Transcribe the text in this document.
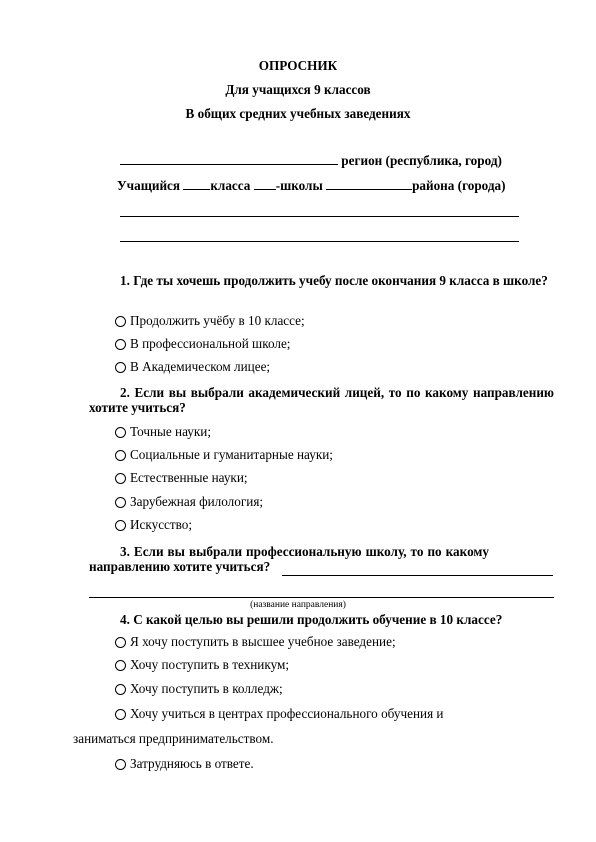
ОПРОСНИК
Для учащихся 9 классов
В общих средних учебных заведениях
регион (республика, город)
Учащийся класса -школы	района (города)
1. Где ты хочешь продолжить учебу после окончания 9 класса в школе?
Продолжить учёбу в 10 классе;
В профессиональной школе;
В Академическом лицее;
2. Если вы выбрали академический лицей, то по какому направлению хотите учиться?
Точные науки;
Социальные и гуманитарные науки;
Естественные науки;
Зарубежная филология;
Искусство;
3. Если вы выбрали профессиональную школу, то по какому направлению хотите учиться?
(название направления)
4. С какой целью вы решили продолжить обучение в 10 классе?
Я хочу поступить в высшее учебное заведение;
Хочу поступить в техникум;
Хочу поступить в колледж;
Хочу учиться в центрах профессионального обучения и
заниматься предпринимательством.
Затрудняюсь в ответе.
